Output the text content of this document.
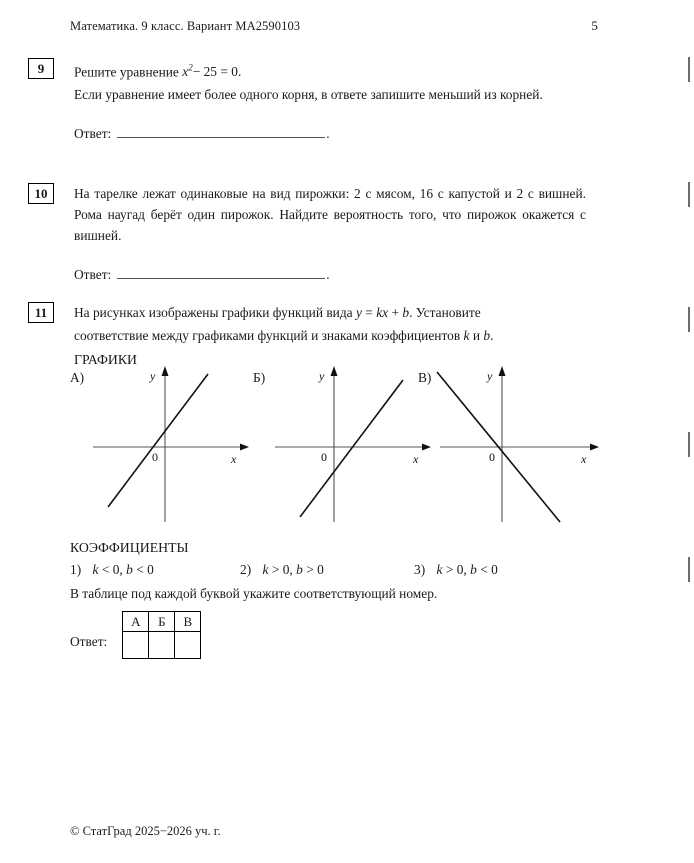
Математика. 9 класс. Вариант МА2590103	5
9	Решите уравнение $x^2- 25 = 0$.
Если уравнение имеет более одного корня, в ответе запишите меньший из корней.
Ответ:	.
10	На тарелке лежат одинаковые на вид пирожки: 2 с мясом, 16 с капустой и 2 с вишней. Рома наугад берёт один пирожок. Найдите вероятность того, что пирожок окажется с вишней.
Ответ:	.
11	На рисунках изображены графики функций вида y = kx + b. Установите
соответствие между графиками функций и знаками коэффициентов k и b.
ГРАФИКИ
А)
0	x
y	Б)
0	x
y	В)
0	x
y
КОЭФФИЦИЕНТЫ
1) k < 0, b < 0	2) k > 0, b > 0	3) k > 0, b < 0
В таблице под каждой буквой укажите соответствующий номер.
Ответ:
А	Б	В

© СтатГрад 2025−2026 уч. г.
